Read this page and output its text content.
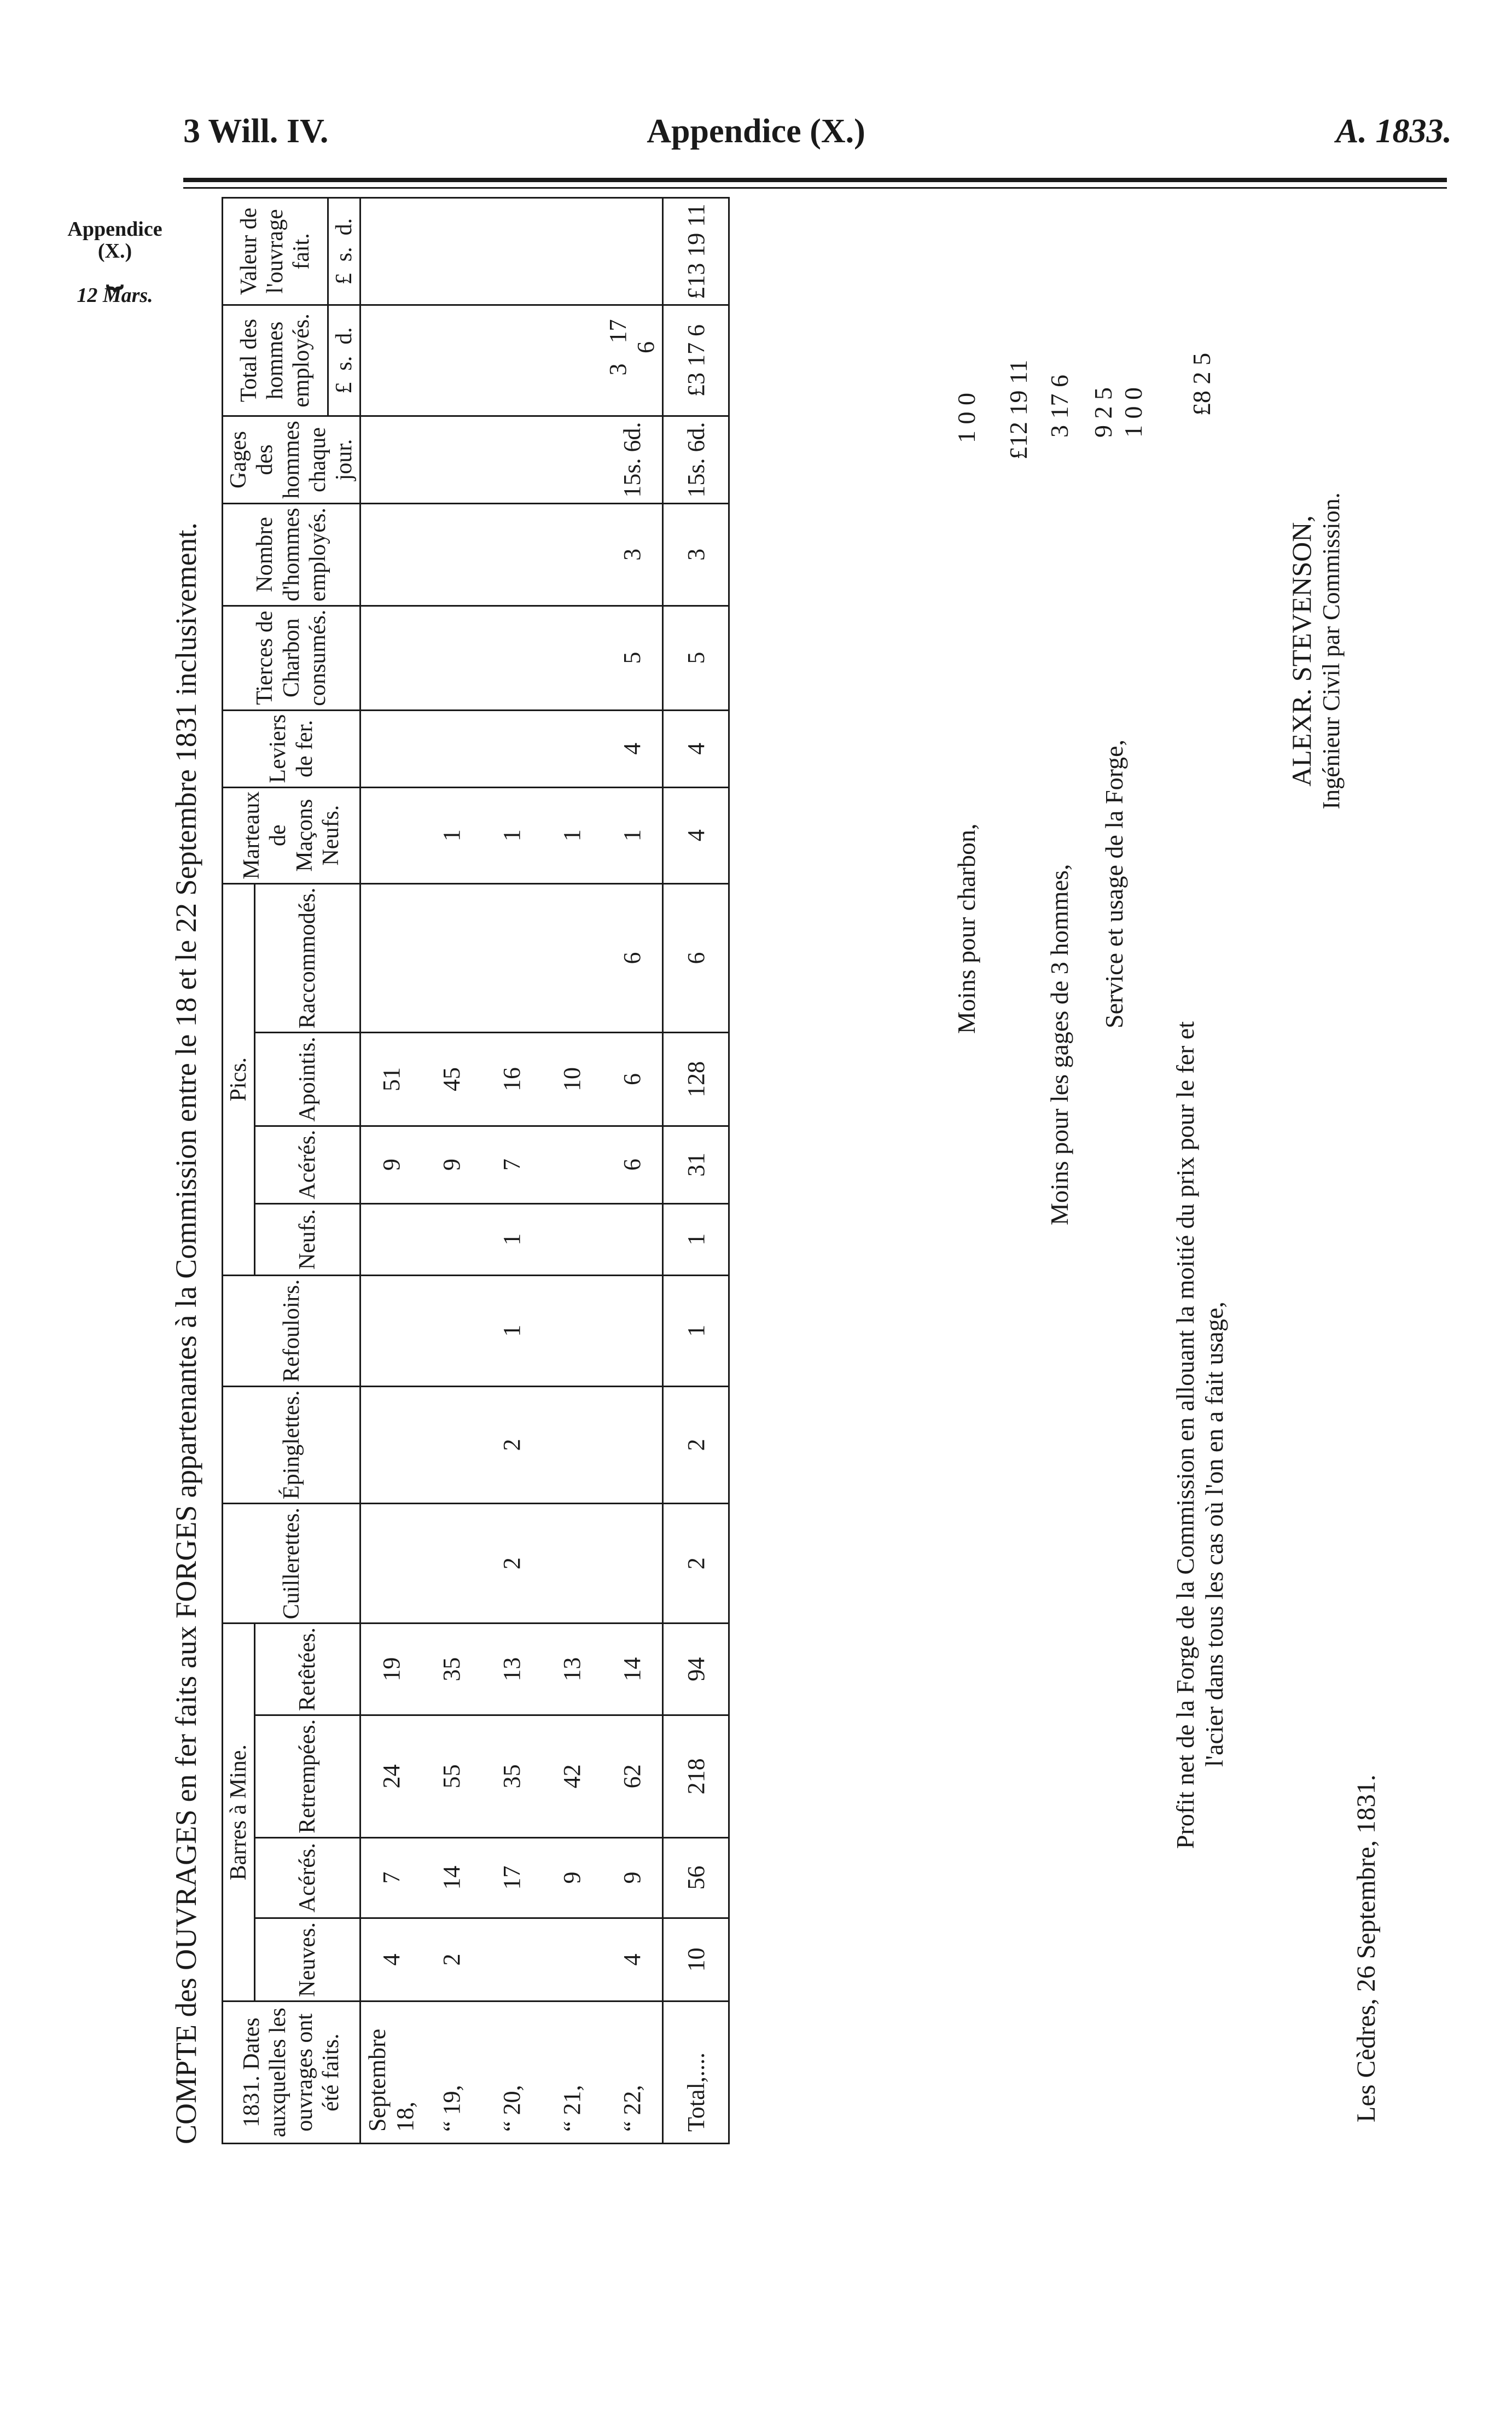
3 Will. IV.	Appendice (X.)	A. 1833.
Appendice
(X.)
⏟
12 Mars.
COMPTE des OUVRAGES en fer faits aux FORGES appartenantes à la Commission entre le 18 et le 22 Septembre 1831 inclusivement.	1831. Dates auxquelles les ouvrages ont été faits.	Barres à Mine.				Cuillerettes.	Épinglettes.	Refouloirs.	Pics.				Marteaux de Maçons Neufs.	Leviers de fer.	Tierces de Charbon consumés.	Nombre d'hommes employés.	Gages des hommes chaque jour.	Total des hommes employés.	Valeur de l'ouvrage fait.
	Neuves.	Acérés.	Retrempées.	Retêtées.				Neufs.	Acérés.	Apointis.	Raccommodés.							
																	£  s.  d.	£  s.  d.
Septembre 18,	4	7	24	19					9	51								
“ 19,	2	14	55	35					9	45		1						
“ 20,		17	35	13	2	2	1	1	7	16		1						
“ 21,		9	42	13						10		1						
“ 22,	4	9	62	14					6	6	6	1	4	5	3	15s. 6d.	3 17 6	
Total,....	10	56	218	94	2	2	1	1	31	128	6	4	4	5	3	15s. 6d.	£3 17 6	£13 19 11
Moins pour charbon,
1 0 0 £12 19 11
Moins pour les gages de 3 hommes,
3 17 6
Service et usage de la Forge,
9 2 5 1 0 0
Profit net de la Forge de la Commission en allouant la moitié du prix pour le fer et l'acier dans tous les cas où l'on en a fait usage,
£8 2 5
ALEXR. STEVENSON, Ingénieur Civil par Commission.
Les Cèdres, 26 Septembre, 1831.
